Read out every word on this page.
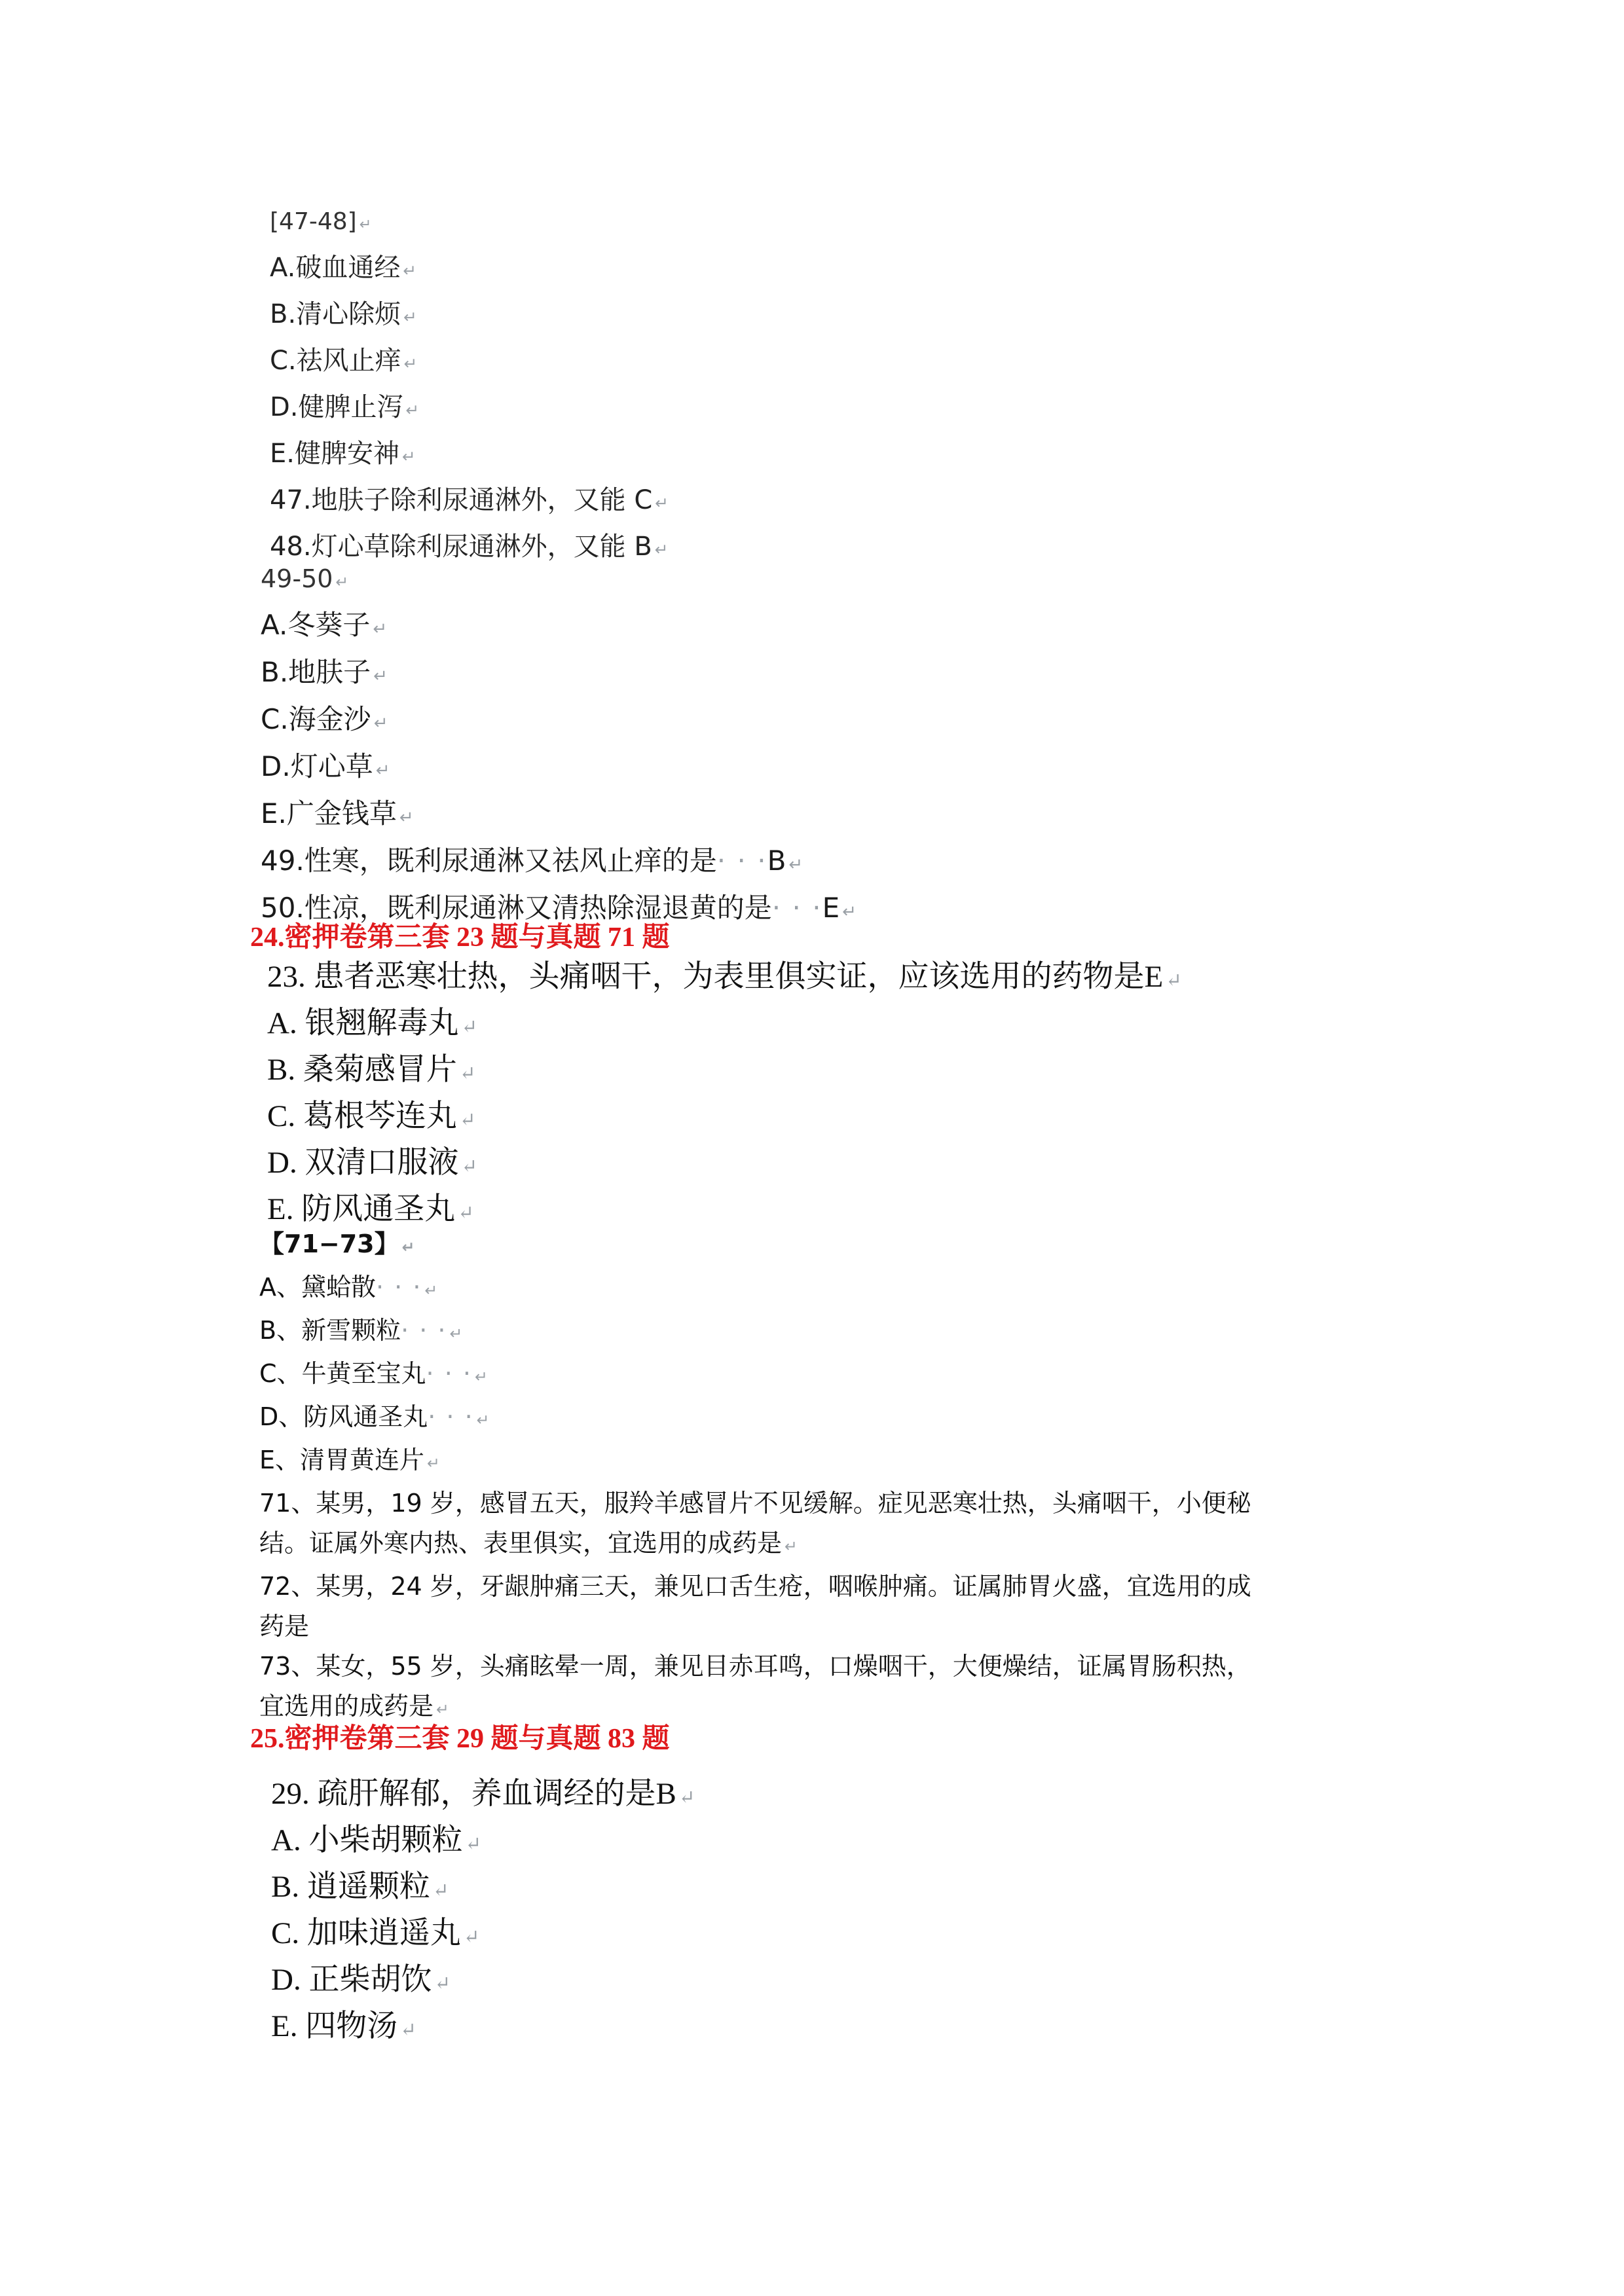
[47-48] ↵
A.破血通经 ↵
B.清心除烦 ↵
C.祛风止痒 ↵
D.健脾止泻 ↵
E.健脾安神 ↵
47.地肤子除利尿通淋外，又能 C ↵
48.灯心草除利尿通淋外，又能 B ↵
49-50 ↵
A.冬葵子 ↵
B.地肤子 ↵
C.海金沙 ↵
D.灯心草 ↵
E.广金钱草 ↵
49.性寒，既利尿通淋又祛风止痒的是· · ·B ↵
50.性凉，既利尿通淋又清热除湿退黄的是· · ·E ↵
24.密押卷第三套 23 题与真题 71 题
23. 患者恶寒壮热，头痛咽干，为表里俱实证，应该选用的药物是E ↵
A. 银翘解毒丸 ↵
B. 桑菊感冒片 ↵
C. 葛根芩连丸 ↵
D. 双清口服液 ↵
E. 防风通圣丸 ↵
【71−73】 ↵
A、黛蛤散· · · ↵
B、新雪颗粒· · · ↵
C、牛黄至宝丸· · · ↵
D、防风通圣丸· · · ↵
E、清胃黄连片 ↵
71、某男，19 岁，感冒五天，服羚羊感冒片不见缓解。症见恶寒壮热，头痛咽干，小便秘
结。证属外寒内热、表里俱实，宜选用的成药是 ↵
72、某男，24 岁，牙龈肿痛三天，兼见口舌生疮，咽喉肿痛。证属肺胃火盛，宜选用的成
药是
73、某女，55 岁，头痛眩晕一周，兼见目赤耳鸣，口燥咽干，大便燥结，证属胃肠积热，
宜选用的成药是 ↵
25.密押卷第三套 29 题与真题 83 题
29. 疏肝解郁，养血调经的是B ↵
A. 小柴胡颗粒 ↵
B. 逍遥颗粒 ↵
C. 加味逍遥丸 ↵
D. 正柴胡饮 ↵
E. 四物汤 ↵
